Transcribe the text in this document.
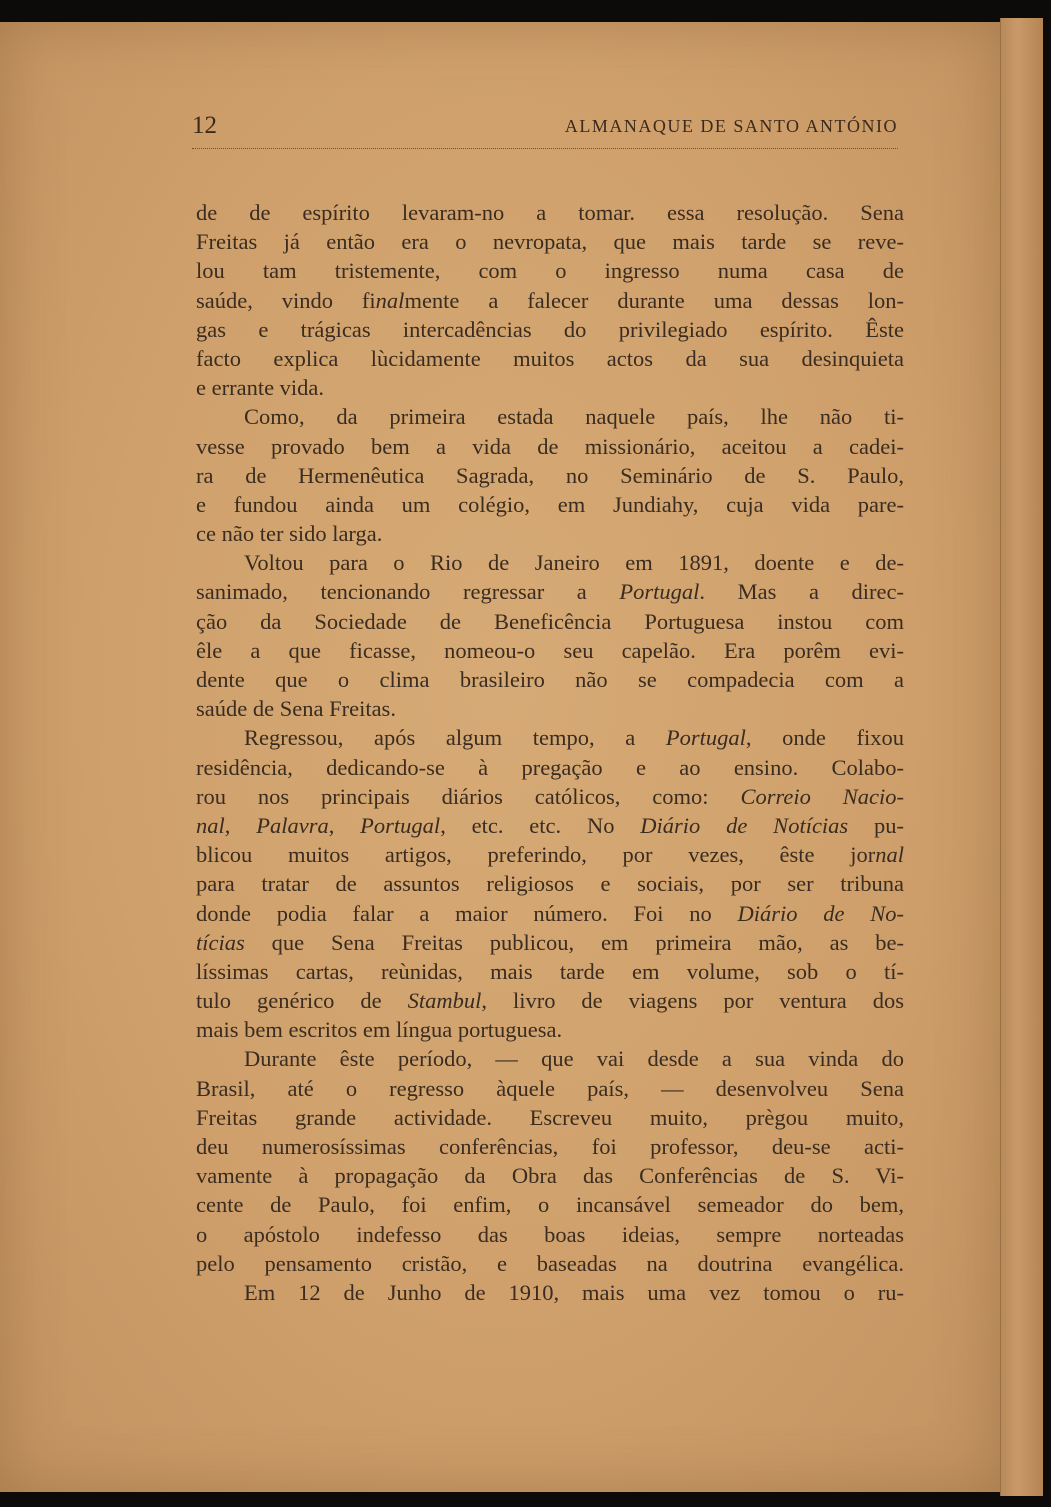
12	ALMANAQUE DE SANTO ANTÓNIO
de de espírito levaram-no a tomar. essa resolução. Sena
Freitas já então era o nevropata, que mais tarde se reve-
lou tam tristemente, com o ingresso numa casa de
saúde, vindo finalmente a falecer durante uma dessas lon-
gas e trágicas intercadências do privilegiado espírito. Êste
facto explica lùcidamente muitos actos da sua desinquieta
e errante vida.
Como, da primeira estada naquele país, lhe não ti-
vesse provado bem a vida de missionário, aceitou a cadei-
ra de Hermenêutica Sagrada, no Seminário de S. Paulo,
e fundou ainda um colégio, em Jundiahy, cuja vida pare-
ce não ter sido larga.
Voltou para o Rio de Janeiro em 1891, doente e de-
sanimado, tencionando regressar a Portugal. Mas a direc-
ção da Sociedade de Beneficência Portuguesa instou com
êle a que ficasse, nomeou-o seu capelão. Era porêm evi-
dente que o clima brasileiro não se compadecia com a
saúde de Sena Freitas.
Regressou, após algum tempo, a Portugal, onde fixou
residência, dedicando-se à pregação e ao ensino. Colabo-
rou nos principais diários católicos, como: Correio Nacio-
nal, Palavra, Portugal, etc. etc. No Diário de Notícias pu-
blicou muitos artigos, preferindo, por vezes, êste jornal
para tratar de assuntos religiosos e sociais, por ser tribuna
donde podia falar a maior número. Foi no Diário de No-
tícias que Sena Freitas publicou, em primeira mão, as be-
líssimas cartas, reùnidas, mais tarde em volume, sob o tí-
tulo genérico de Stambul, livro de viagens por ventura dos
mais bem escritos em língua portuguesa.
Durante êste período, — que vai desde a sua vinda do
Brasil, até o regresso àquele país, — desenvolveu Sena
Freitas grande actividade. Escreveu muito, prègou muito,
deu numerosíssimas conferências, foi professor, deu-se acti-
vamente à propagação da Obra das Conferências de S. Vi-
cente de Paulo, foi enfim, o incansável semeador do bem,
o apóstolo indefesso das boas ideias, sempre norteadas
pelo pensamento cristão, e baseadas na doutrina evangélica.
Em 12 de Junho de 1910, mais uma vez tomou o ru-
